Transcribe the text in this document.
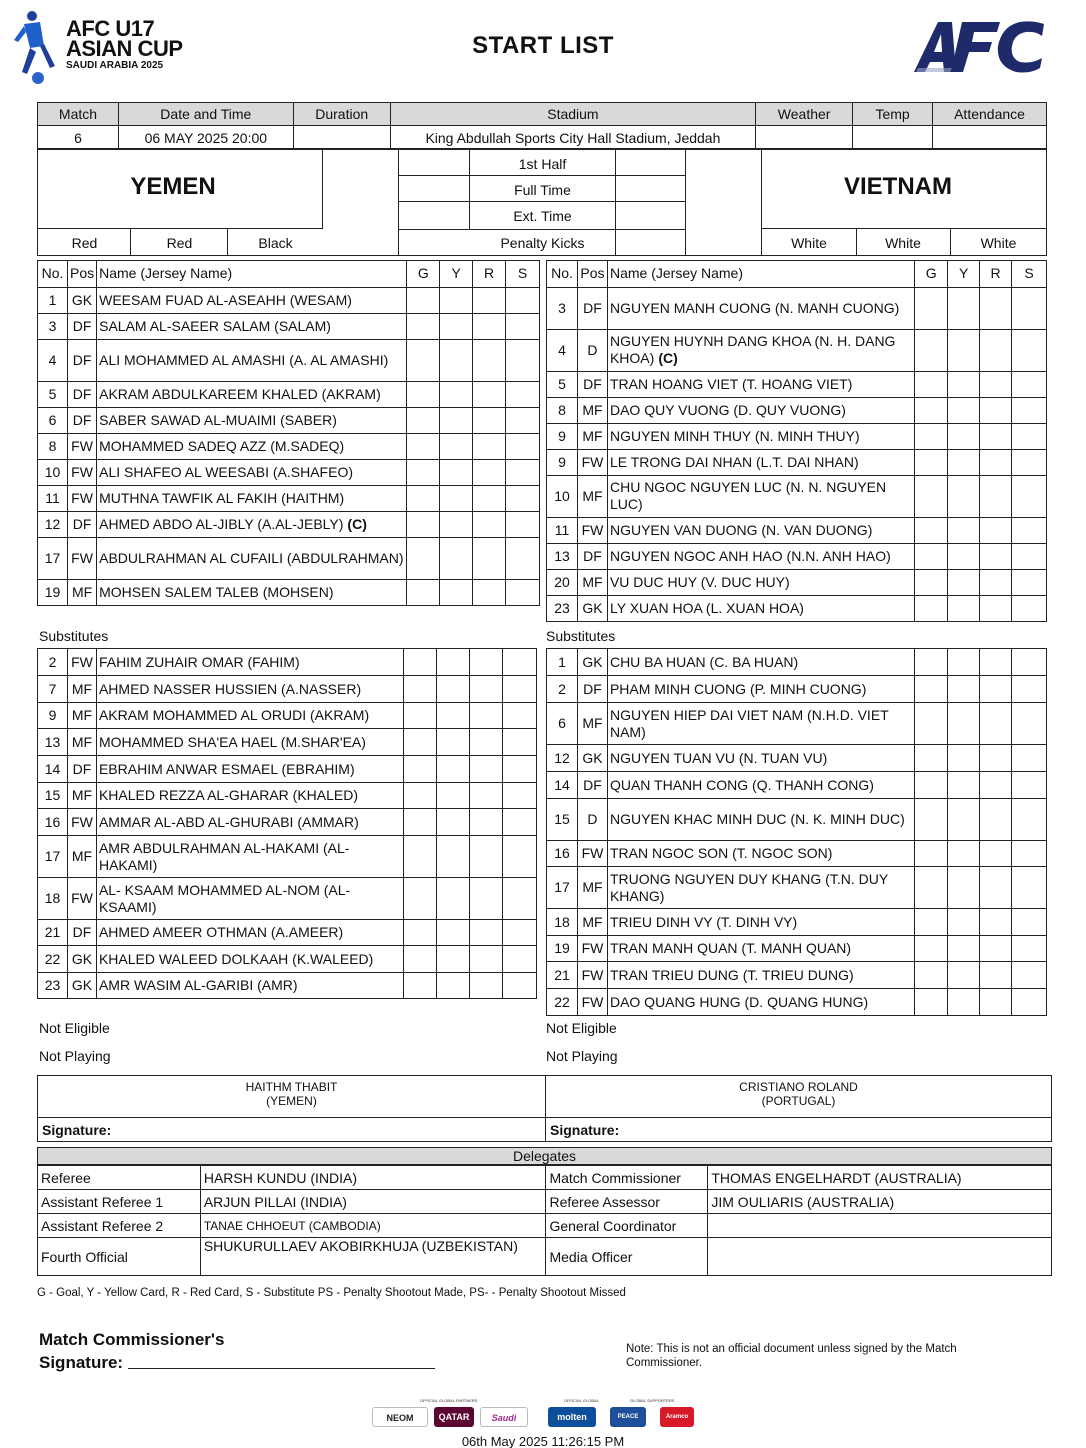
AFC U17
ASIAN CUP
SAUDI ARABIA 2025
START LIST
Match	Date and Time	Duration	Stadium	Weather	Temp	Attendance
6	06 MAY 2025 20:00		King Abdullah Sports City Hall Stadium, Jeddah			
YEMEN
Red	Red	Black
1st Half
Full Time
Ext. Time
Penalty Kicks
VIETNAM
White	White	White
No.	Pos	Name (Jersey Name)	G	Y	R	S
1	GK	WEESAM FUAD AL-ASEAHH (WESAM)				
3	DF	SALAM AL-SAEER SALAM (SALAM)				
4	DF	ALI MOHAMMED AL AMASHI (A. AL AMASHI)				
5	DF	AKRAM ABDULKAREEM KHALED (AKRAM)				
6	DF	SABER SAWAD AL-MUAIMI (SABER)				
8	FW	MOHAMMED SADEQ AZZ (M.SADEQ)				
10	FW	ALI SHAFEO AL WEESABI (A.SHAFEO)				
11	FW	MUTHNA TAWFIK AL FAKIH (HAITHM)				
12	DF	AHMED ABDO AL-JIBLY (A.AL-JEBLY) (C)				
17	FW	ABDULRAHMAN AL CUFAILI (ABDULRAHMAN)				
19	MF	MOHSEN SALEM TALEB (MOHSEN)				
No.	Pos	Name (Jersey Name)	G	Y	R	S
3	DF	NGUYEN MANH CUONG (N. MANH CUONG)				
4	D	NGUYEN HUYNH DANG KHOA (N. H. DANG KHOA) (C)				
5	DF	TRAN HOANG VIET (T. HOANG VIET)				
8	MF	DAO QUY VUONG (D. QUY VUONG)				
9	MF	NGUYEN MINH THUY (N. MINH THUY)				
9	FW	LE TRONG DAI NHAN (L.T. DAI NHAN)				
10	MF	CHU NGOC NGUYEN LUC (N. N. NGUYEN LUC)				
11	FW	NGUYEN VAN DUONG (N. VAN DUONG)				
13	DF	NGUYEN NGOC ANH HAO (N.N. ANH HAO)				
20	MF	VU DUC HUY (V. DUC HUY)				
23	GK	LY XUAN HOA (L. XUAN HOA)				
Substitutes	Substitutes
2	FW	FAHIM ZUHAIR OMAR (FAHIM)				
7	MF	AHMED NASSER HUSSIEN (A.NASSER)				
9	MF	AKRAM MOHAMMED AL ORUDI (AKRAM)				
13	MF	MOHAMMED SHA'EA HAEL (M.SHAR'EA)				
14	DF	EBRAHIM ANWAR ESMAEL (EBRAHIM)				
15	MF	KHALED REZZA AL-GHARAR (KHALED)				
16	FW	AMMAR AL-ABD AL-GHURABI (AMMAR)				
17	MF	AMR ABDULRAHMAN AL-HAKAMI (AL-HAKAMI)				
18	FW	AL- KSAAM MOHAMMED AL-NOM (AL- KSAAMI)				
21	DF	AHMED AMEER OTHMAN (A.AMEER)				
22	GK	KHALED WALEED DOLKAAH (K.WALEED)				
23	GK	AMR WASIM AL-GARIBI (AMR)				
1	GK	CHU BA HUAN (C. BA HUAN)				
2	DF	PHAM MINH CUONG (P. MINH CUONG)				
6	MF	NGUYEN HIEP DAI VIET NAM (N.H.D. VIET NAM)				
12	GK	NGUYEN TUAN VU (N. TUAN VU)				
14	DF	QUAN THANH CONG (Q. THANH CONG)				
15	D	NGUYEN KHAC MINH DUC (N. K. MINH DUC)				
16	FW	TRAN NGOC SON (T. NGOC SON)				
17	MF	TRUONG NGUYEN DUY KHANG (T.N. DUY KHANG)				
18	MF	TRIEU DINH VY (T. DINH VY)				
19	FW	TRAN MANH QUAN (T. MANH QUAN)				
21	FW	TRAN TRIEU DUNG (T. TRIEU DUNG)				
22	FW	DAO QUANG HUNG (D. QUANG HUNG)				
Not Eligible
Not Playing
Not Eligible
Not Playing
HAITHM THABIT
(YEMEN)
Signature:
CRISTIANO ROLAND
(PORTUGAL)
Signature:
Delegates
Referee	HARSH KUNDU (INDIA)	Match Commissioner	THOMAS ENGELHARDT (AUSTRALIA)
Assistant Referee 1	ARJUN PILLAI (INDIA)	Referee Assessor	JIM OULIARIS (AUSTRALIA)
Assistant Referee 2	TANAE CHHOEUT (CAMBODIA)	General Coordinator	
Fourth Official	SHUKURULLAEV AKOBIRKHUJA (UZBEKISTAN)	Media Officer	
G - Goal, Y - Yellow Card, R - Red Card, S - Substitute PS - Penalty Shootout Made, PS- - Penalty Shootout Missed
Match Commissioner's
Signature:
Note: This is not an official document unless signed by the Match Commissioner.
OFFICIAL GLOBAL PARTNERS	OFFICIAL GLOBAL	GLOBAL SUPPORTERS
NEOM	QATAR	Saudi	molten	PEACE	Aramco
06th May 2025 11:26:15 PM
